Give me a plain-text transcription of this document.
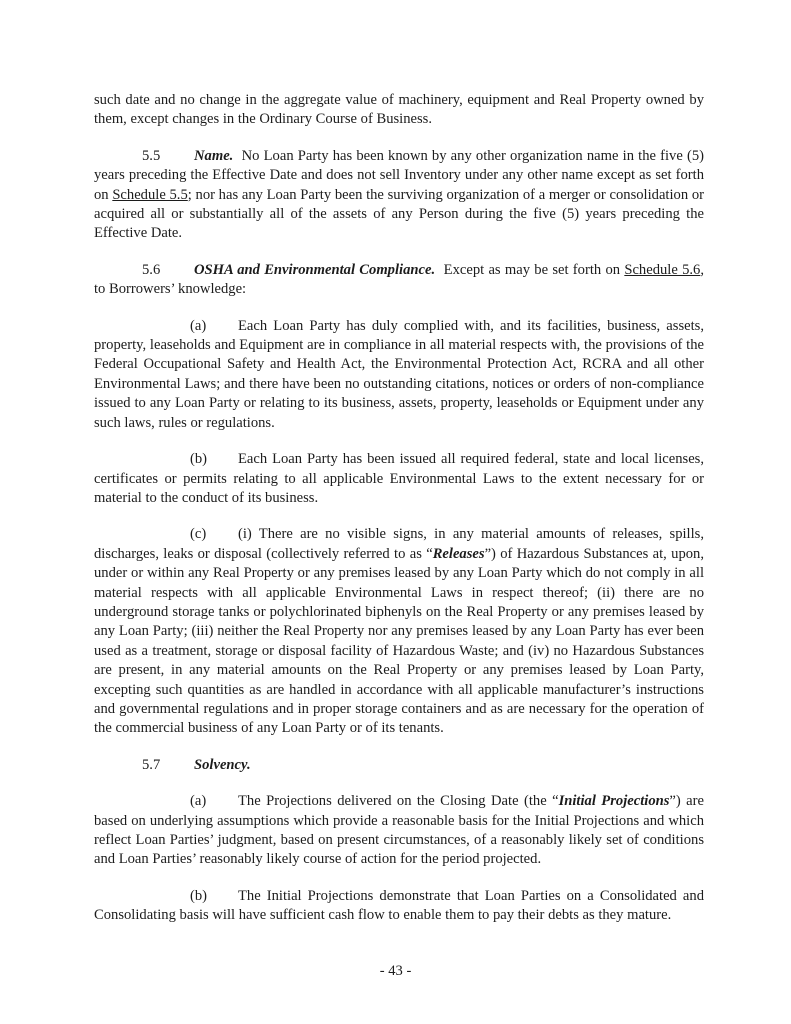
such date and no change in the aggregate value of machinery, equipment and Real Property owned by them, except changes in the Ordinary Course of Business.

5.5 Name. No Loan Party has been known by any other organization name in the five (5) years preceding the Effective Date and does not sell Inventory under any other name except as set forth on Schedule 5.5; nor has any Loan Party been the surviving organization of a merger or consolidation or acquired all or substantially all of the assets of any Person during the five (5) years preceding the Effective Date.

5.6 OSHA and Environmental Compliance. Except as may be set forth on Schedule 5.6, to Borrowers’ knowledge:

(a) Each Loan Party has duly complied with, and its facilities, business, assets, property, leaseholds and Equipment are in compliance in all material respects with, the provisions of the Federal Occupational Safety and Health Act, the Environmental Protection Act, RCRA and all other Environmental Laws; and there have been no outstanding citations, notices or orders of non-compliance issued to any Loan Party or relating to its business, assets, property, leaseholds or Equipment under any such laws, rules or regulations.

(b) Each Loan Party has been issued all required federal, state and local licenses, certificates or permits relating to all applicable Environmental Laws to the extent necessary for or material to the conduct of its business.

(c) (i) There are no visible signs, in any material amounts of releases, spills, discharges, leaks or disposal (collectively referred to as “Releases”) of Hazardous Substances at, upon, under or within any Real Property or any premises leased by any Loan Party which do not comply in all material respects with all applicable Environmental Laws in respect thereof; (ii) there are no underground storage tanks or polychlorinated biphenyls on the Real Property or any premises leased by any Loan Party; (iii) neither the Real Property nor any premises leased by any Loan Party has ever been used as a treatment, storage or disposal facility of Hazardous Waste; and (iv) no Hazardous Substances are present, in any material amounts on the Real Property or any premises leased by Loan Party, excepting such quantities as are handled in accordance with all applicable manufacturer’s instructions and governmental regulations and in proper storage containers and as are necessary for the operation of the commercial business of any Loan Party or of its tenants.

5.7 Solvency.

(a) The Projections delivered on the Closing Date (the “Initial Projections”) are based on underlying assumptions which provide a reasonable basis for the Initial Projections and which reflect Loan Parties’ judgment, based on present circumstances, of a reasonably likely set of conditions and Loan Parties’ reasonably likely course of action for the period projected.

(b) The Initial Projections demonstrate that Loan Parties on a Consolidated and Consolidating basis will have sufficient cash flow to enable them to pay their debts as they mature.

- 43 -
